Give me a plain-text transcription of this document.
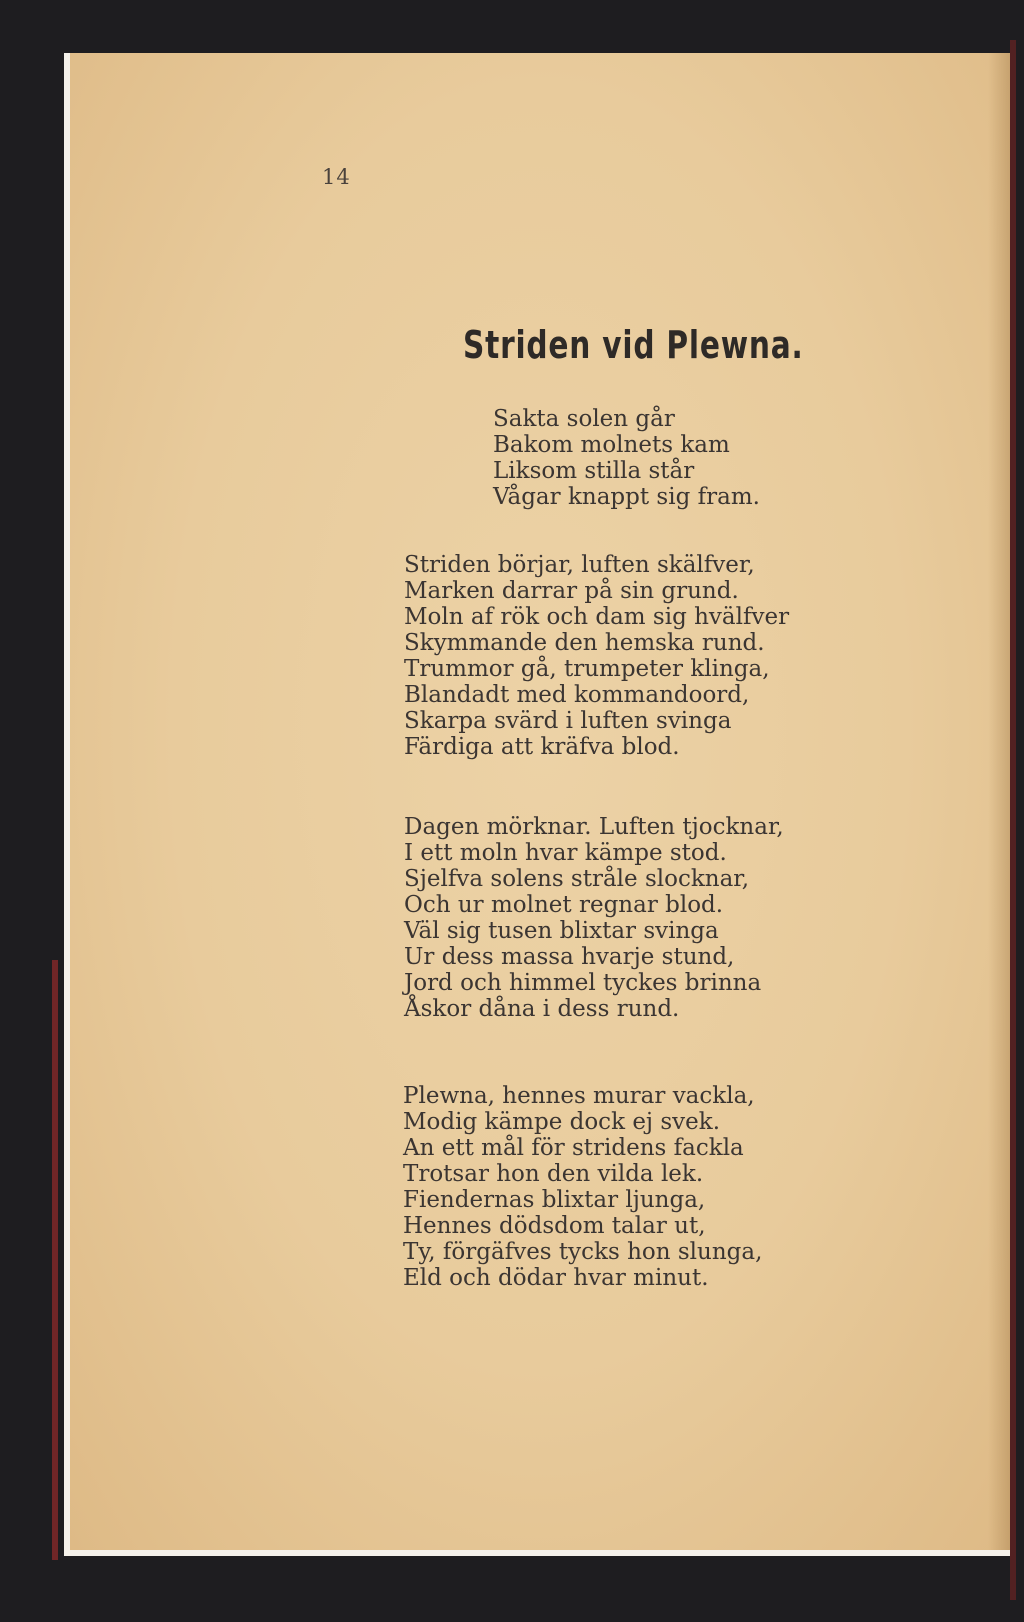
14
Striden vid Plewna.
Sakta solen går
Bakom molnets kam
Liksom stilla står
Vågar knappt sig fram.
Striden börjar, luften skälfver,
Marken darrar på sin grund.
Moln af rök och dam sig hvälfver
Skymmande den hemska rund.
Trummor gå, trumpeter klinga,
Blandadt med kommandoord,
Skarpa svärd i luften svinga
Färdiga att kräfva blod.
Dagen mörknar. Luften tjocknar,
I ett moln hvar kämpe stod.
Sjelfva solens stråle slocknar,
Och ur molnet regnar blod.
Väl sig tusen blixtar svinga
Ur dess massa hvarje stund,
Jord och himmel tyckes brinna
Åskor dåna i dess rund.
Plewna, hennes murar vackla,
Modig kämpe dock ej svek.
An ett mål för stridens fackla
Trotsar hon den vilda lek.
Fiendernas blixtar ljunga,
Hennes dödsdom talar ut,
Ty, förgäfves tycks hon slunga,
Eld och dödar hvar minut.
